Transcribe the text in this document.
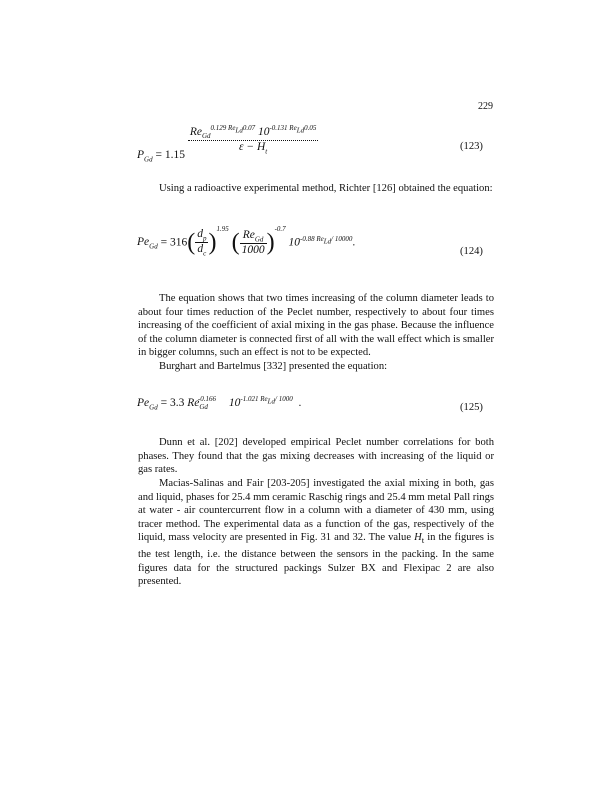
229
$P_{Gd} = 1.15 \frac{Re_{Gd}^{0.129 Re_{Ld}0.07} 10^{-0.131 Re_{Ld}0.05}}{\varepsilon - H_t}$	(123)

Using a radioactive experimental method, Richter [126] obtained the equation:

$Pe_{Gd} = 316( \frac{d_p}{d_c} )^{1.95}$ ( $\frac{Re_{Gd}}{1000} )^{-0.7}$ $10^{-0.88 Re_{Ld}/ 10000}$.
(124)

The equation shows that two times increasing of the column diameter leads to about four times reduction of the Peclet number, respectively to about four times increasing of the coefficient of axial mixing in the gas phase. Because the influence of the column diameter is connected first of all with the wall effect which is smaller in bigger columns, such an effect is not to be expected.

Burghart and Bartelmus [332] presented the equation:

$Pe_{Gd} = 3.3$ $Re_{Gd}^{-0.166}$ $10^{-1.021 Re_{Ld}/ 1000}$  .	(125)

Dunn et al. [202] developed empirical Peclet number correlations for both phases. They found that the gas mixing decreases with increasing of the liquid or gas rates.

Macias-Salinas and Fair [203-205] investigated the axial mixing in both, gas and liquid, phases for 25.4 mm ceramic Raschig rings and 25.4 mm metal Pall rings at water - air countercurrent flow in a column with a diameter of 430 mm, using tracer method. The experimental data as a function of the gas, respectively of the liquid, mass velocity are presented in Fig. 31 and 32. The value $H_t$ in the figures is the test length, i.e. the distance between the sensors in the packing. In the same figures data for the structured packings Sulzer BX and Flexipac 2 are also presented.
